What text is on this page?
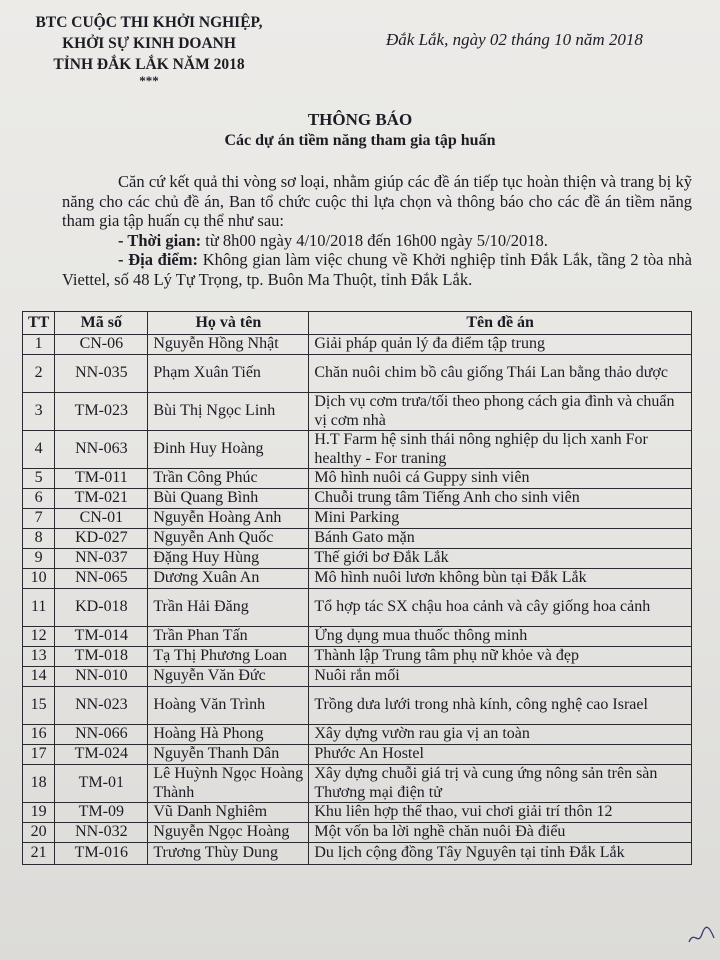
BTC CUỘC THI KHỞI NGHIỆP,
KHỞI SỰ KINH DOANH
TỈNH ĐẮK LẮK NĂM 2018
***
Đắk Lắk, ngày 02 tháng 10 năm 2018
THÔNG BÁO
Các dự án tiềm năng tham gia tập huấn

Căn cứ kết quả thi vòng sơ loại, nhằm giúp các đề án tiếp tục hoàn thiện và trang bị kỹ năng cho các chủ đề án, Ban tổ chức cuộc thi lựa chọn và thông báo cho các đề án tiềm năng tham gia tập huấn cụ thể như sau:

- Thời gian: từ 8h00 ngày 4/10/2018 đến 16h00 ngày 5/10/2018.

- Địa điểm: Không gian làm việc chung về Khởi nghiệp tỉnh Đắk Lắk, tầng 2 tòa nhà Viettel, số 48 Lý Tự Trọng, tp. Buôn Ma Thuột, tỉnh Đắk Lắk.

TT	Mã số	Họ và tên	Tên đề án
1	CN-06	Nguyễn Hồng Nhật	Giải pháp quản lý đa điểm tập trung
2	NN-035	Phạm Xuân Tiến	Chăn nuôi chim bồ câu giống Thái Lan bằng thảo dược
3	TM-023	Bùi Thị Ngọc Linh	Dịch vụ cơm trưa/tối theo phong cách gia đình và chuẩn vị cơm nhà
4	NN-063	Đinh Huy Hoàng	H.T Farm hệ sinh thái nông nghiệp du lịch xanh For healthy - For traning
5	TM-011	Trần Công Phúc	Mô hình nuôi cá Guppy sinh viên
6	TM-021	Bùi Quang Bình	Chuỗi trung tâm Tiếng Anh cho sinh viên
7	CN-01	Nguyễn Hoàng Anh	Mini Parking
8	KD-027	Nguyễn Anh Quốc	Bánh Gato mặn
9	NN-037	Đặng Huy Hùng	Thế giới bơ Đắk Lắk
10	NN-065	Dương Xuân An	Mô hình nuôi lươn không bùn tại Đắk Lắk
11	KD-018	Trần Hải Đăng	Tổ hợp tác SX chậu hoa cảnh và cây giống hoa cảnh
12	TM-014	Trần Phan Tấn	Ứng dụng mua thuốc thông minh
13	TM-018	Tạ Thị Phương Loan	Thành lập Trung tâm phụ nữ khỏe và đẹp
14	NN-010	Nguyễn Văn Đức	Nuôi rắn mối
15	NN-023	Hoàng Văn Trình	Trồng dưa lưới trong nhà kính, công nghệ cao Israel
16	NN-066	Hoàng Hà Phong	Xây dựng vườn rau gia vị an toàn
17	TM-024	Nguyễn Thanh Dân	Phước An Hostel
18	TM-01	Lê Huỳnh Ngọc Hoàng Thành	Xây dựng chuỗi giá trị và cung ứng nông sản trên sàn Thương mại điện tử
19	TM-09	Vũ Danh Nghiêm	Khu liên hợp thể thao, vui chơi giải trí thôn 12
20	NN-032	Nguyễn Ngọc Hoàng	Một vốn ba lời nghề chăn nuôi Đà điểu
21	TM-016	Trương Thùy Dung	Du lịch cộng đồng Tây Nguyên tại tỉnh Đắk Lắk
